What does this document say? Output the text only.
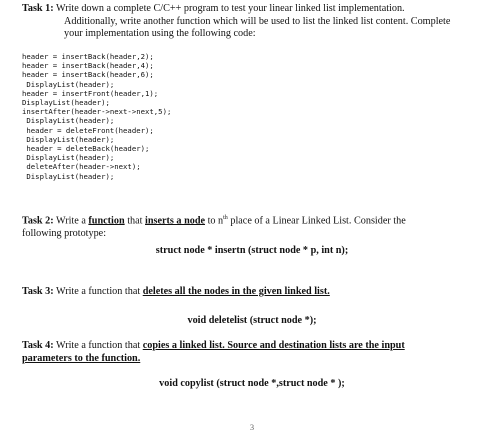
Task 1: Write down a complete C/C++ program to test your linear linked list implementation.
Additionally, write another function which will be used to list the linked list content. Complete
your implementation using the following code:
header = insertBack(header,2);
header = insertBack(header,4);
header = insertBack(header,6);
DisplayList(header);
header = insertFront(header,1);
DisplayList(header);
insertAfter(header->next->next,5);
DisplayList(header);
header = deleteFront(header);
DisplayList(header);
header = deleteBack(header);
DisplayList(header);
deleteAfter(header->next);
DisplayList(header);
Task 2: Write a function that inserts a node to $n^{th}$ place of a Linear Linked List. Consider the
following prototype:
struct node * insertn (struct node * p, int n);
Task 3: Write a function that deletes all the nodes in the given linked list.
void deletelist (struct node *);
Task 4: Write a function that copies a linked list. Source and destination lists are the input
parameters to the function.
void copylist (struct node *,struct node * );
3
